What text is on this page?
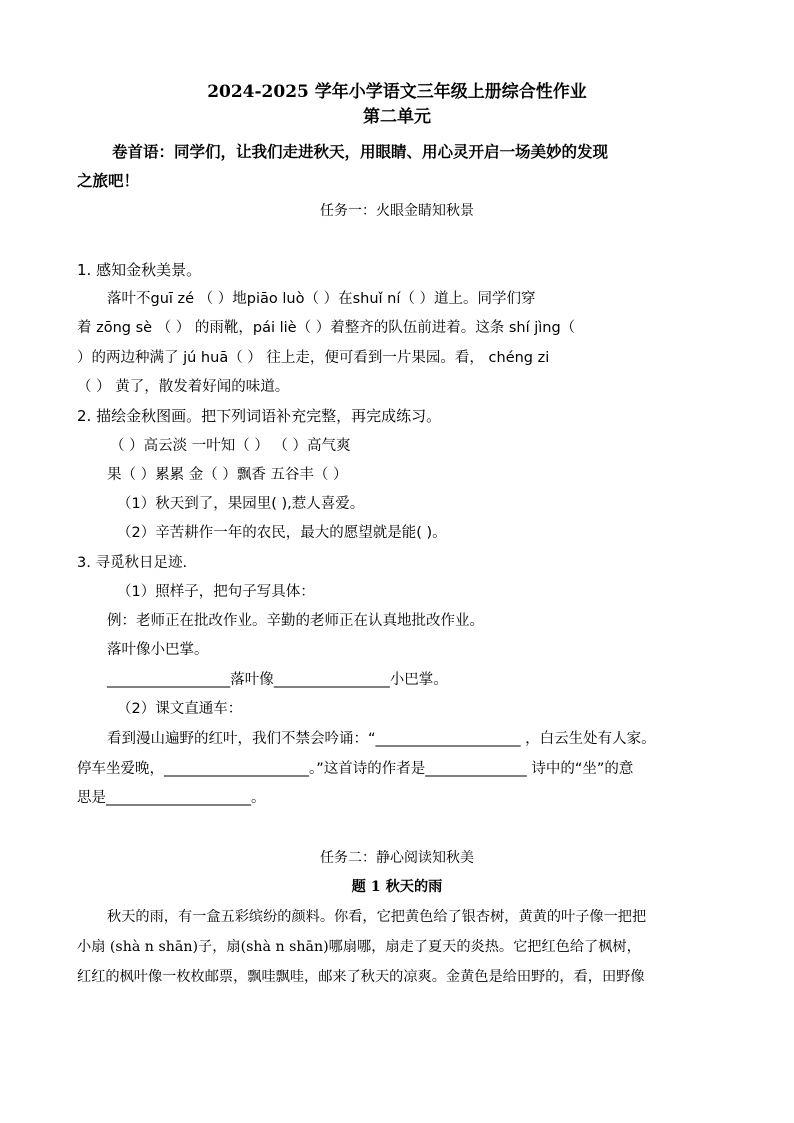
2024-2025 学年小学语文三年级上册综合性作业
第二单元
卷首语：同学们，让我们走进秋天，用眼睛、用心灵开启一场美妙的发现
之旅吧！
任务一：火眼金睛知秋景
1. 感知金秋美景。
落叶不guī zé （ ）地piāo luò（ ）在shuǐ ní（ ）道上。同学们穿
着 zōng sè （ ） 的雨靴，pái liè（ ）着整齐的队伍前进着。这条 shí jìng（
）的两边种满了 jú huā（ ） 往上走，便可看到一片果园。看， chéng zi
（ ） 黄了，散发着好闻的味道。
2. 描绘金秋图画。把下列词语补充完整，再完成练习。
（ ）高云淡 一叶知（ ） （ ）高气爽
果（ ）累累 金（ ）飘香 五谷丰（ ）
（1）秋天到了，果园里( ),惹人喜爱。
（2）辛苦耕作一年的农民，最大的愿望就是能( )。
3. 寻觅秋日足迹.
（1）照样子，把句子写具体：
例：老师正在批改作业。辛勤的老师正在认真地批改作业。
落叶像小巴掌。
_________________落叶像________________小巴掌。
（2）课文直通车：
看到漫山遍野的红叶，我们不禁会吟诵：“____________________ ，白云生处有人家。
停车坐爱晚，____________________。”这首诗的作者是______________ 诗中的“坐”的意
思是____________________。
任务二：静心阅读知秋美
题 1 秋天的雨
秋天的雨，有一盒五彩缤纷的颜料。你看，它把黄色给了银杏树，黄黄的叶子像一把把
小扇 (shà n shān)子，扇(shà n shān)哪扇哪，扇走了夏天的炎热。它把红色给了枫树，
红红的枫叶像一枚枚邮票，飘哇飘哇，邮来了秋天的凉爽。金黄色是给田野的，看，田野像
